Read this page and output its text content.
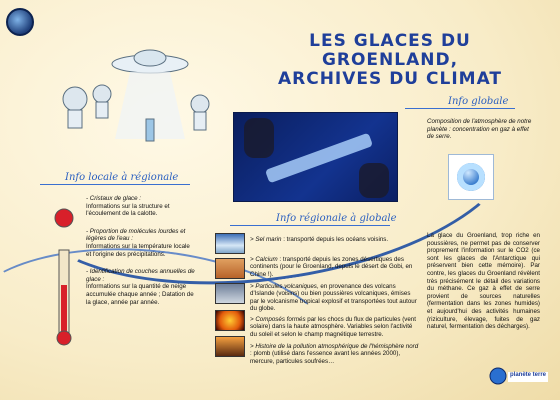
LES GLACES DU GROENLAND,
ARCHIVES DU CLIMAT
Info globale
Composition de l'atmosphère de notre planète : concentration en gaz à effet de serre.
La glace du Groenland, trop riche en poussières, ne permet pas de conserver proprement l'information sur le CO2 (ce sont les glaces de l'Antarctique qui préservent bien cette mémoire). Par contre, les glaces du Groenland révèlent très précisément le détail des variations du méthane. Ce gaz à effet de serre provient de sources naturelles (fermentation dans les zones humides) et aujourd'hui des activités humaines (riziculture, élevage, fuites de gaz naturel, fermentation des décharges).
Info locale à régionale
- Cristaux de glace :
Informations sur la structure et l'écoulement de la calotte.
- Proportion de molécules lourdes et légères de l'eau :
Informations sur la température locale et l'origine des précipitations.
- Identification de couches annuelles de glace :
Informations sur la quantité de neige accumulée chaque année ; Datation de la glace, année par année.
Info régionale à globale
> Sel marin : transporté depuis les océans voisins.
> Calcium : transporté depuis les zones désertiques des continents (pour le Groenland, depuis le désert de Gobi, en Chine !).
> Particules volcaniques, en provenance des volcans d'Islande (voisins) ou bien poussières volcaniques, émises par le volcanisme tropical explosif et transportées tout autour du globe.
> Composés formés par les chocs du flux de particules (vent solaire) dans la haute atmosphère. Variables selon l'activité du soleil et selon le champ magnétique terrestre.
> Histoire de la pollution atmosphérique de l'hémisphère nord : plomb (utilisé dans l'essence avant les années 2000), mercure, particules soufrées…
planète terre
